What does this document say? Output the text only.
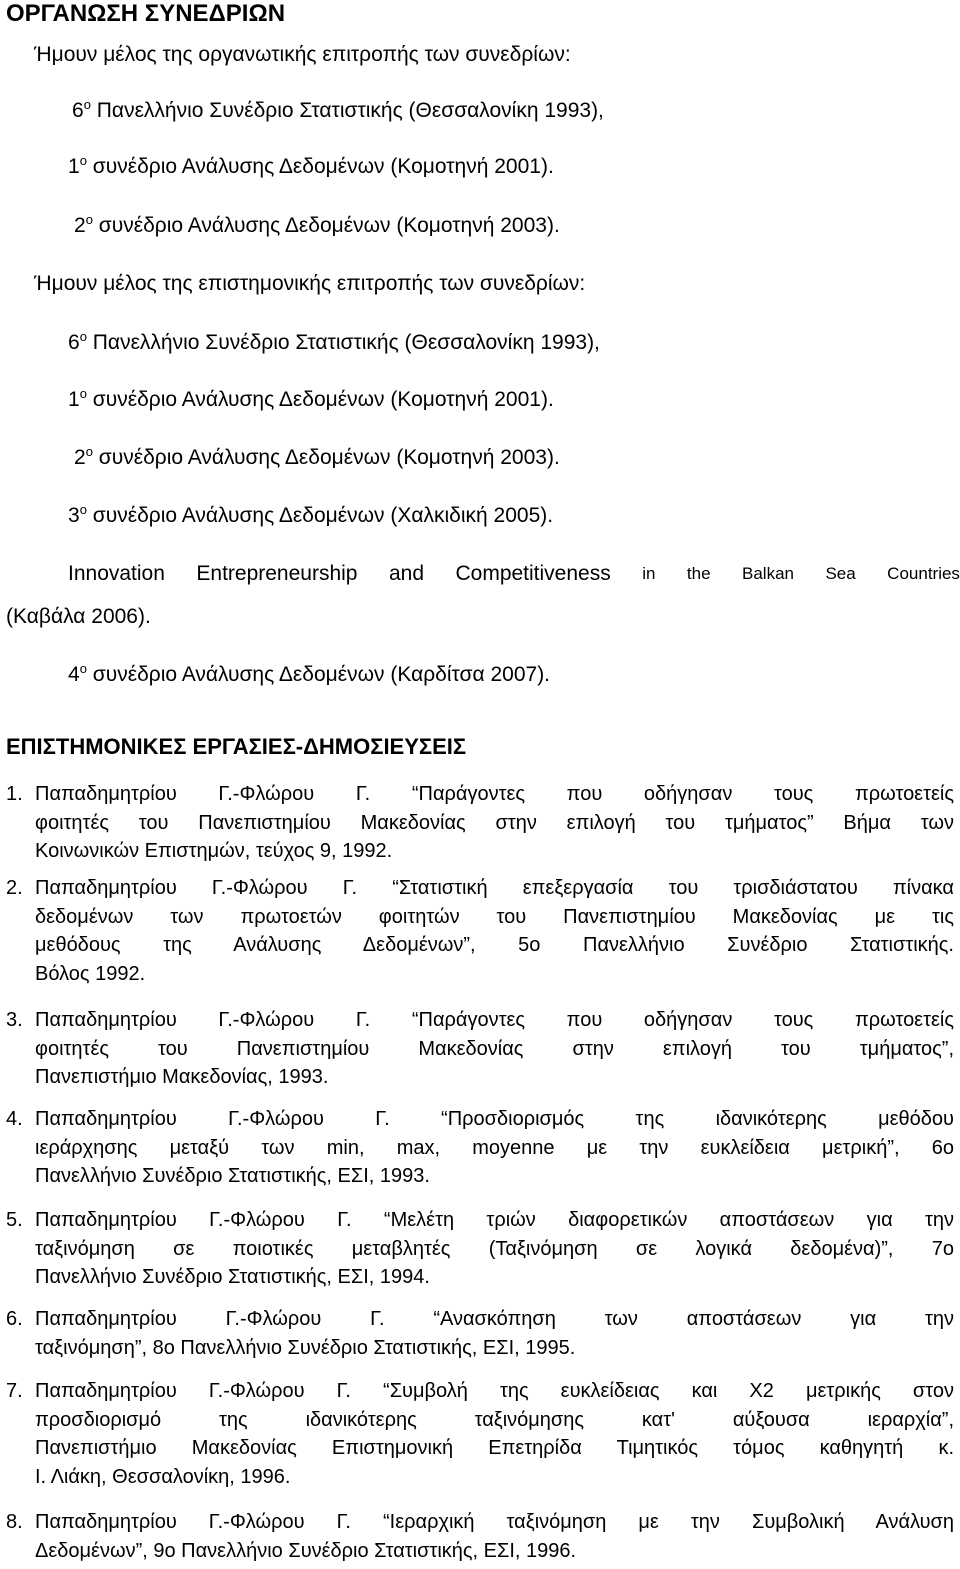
ΟΡΓΑΝΩΣΗ ΣΥΝΕΔΡΙΩΝ
Ήμουν μέλος της οργανωτικής επιτροπής των συνεδρίων:
$6^o$ Πανελλήνιο Συνέδριο Στατιστικής (Θεσσαλονίκη 1993),
$1^o$ συνέδριο Ανάλυσης Δεδομένων (Κομοτηνή 2001).
$2^o$ συνέδριο Ανάλυσης Δεδομένων (Κομοτηνή 2003).
Ήμουν μέλος της επιστημονικής επιτροπής των συνεδρίων:
$6^o$ Πανελλήνιο Συνέδριο Στατιστικής (Θεσσαλονίκη 1993),
$1^o$ συνέδριο Ανάλυσης Δεδομένων (Κομοτηνή 2001).
$2^o$ συνέδριο Ανάλυσης Δεδομένων (Κομοτηνή 2003).
$3^o$ συνέδριο Ανάλυσης Δεδομένων (Χαλκιδική 2005).
Innovation Entrepreneurship and Competitiveness in the Balkan Sea Countries
(Καβάλα 2006).
$4^o$ συνέδριο Ανάλυσης Δεδομένων (Καρδίτσα 2007).
ΕΠΙΣΤΗΜΟΝΙΚΕΣ ΕΡΓΑΣΙΕΣ-ΔΗΜΟΣΙΕΥΣΕΙΣ
1. Παπαδημητρίου Γ.-Φλώρου Γ. “Παράγοντες που οδήγησαν τους πρωτοετείς
φοιτητές του Πανεπιστημίου Μακεδονίας στην επιλογή του τμήματος” Βήμα των
Κοινωνικών Επιστημών, τεύχος 9, 1992.
2. Παπαδημητρίου Γ.-Φλώρου Γ. “Στατιστική επεξεργασία του τρισδιάστατου πίνακα
δεδομένων των πρωτοετών φοιτητών του Πανεπιστημίου Μακεδονίας με τις
μεθόδους της Ανάλυσης Δεδομένων”, 5ο Πανελλήνιο Συνέδριο Στατιστικής.
Βόλος 1992.
3. Παπαδημητρίου Γ.-Φλώρου Γ. “Παράγοντες που οδήγησαν τους πρωτοετείς
φοιτητές του Πανεπιστημίου Μακεδονίας στην επιλογή του τμήματος”,
Πανεπιστήμιο Μακεδονίας, 1993.
4. Παπαδημητρίου Γ.-Φλώρου Γ. “Προσδιορισμός της ιδανικότερης μεθόδου
ιεράρχησης μεταξύ των min, max, moyenne με την ευκλείδεια μετρική”, 6ο
Πανελλήνιο Συνέδριο Στατιστικής, ΕΣΙ, 1993.
5. Παπαδημητρίου Γ.-Φλώρου Γ. “Μελέτη τριών διαφορετικών αποστάσεων για την
ταξινόμηση σε ποιοτικές μεταβλητές (Ταξινόμηση σε λογικά δεδομένα)”, 7ο
Πανελλήνιο Συνέδριο Στατιστικής, ΕΣΙ, 1994.
6. Παπαδημητρίου Γ.-Φλώρου Γ. “Ανασκόπηση των αποστάσεων για την
ταξινόμηση”, 8ο Πανελλήνιο Συνέδριο Στατιστικής, ΕΣΙ, 1995.
7. Παπαδημητρίου Γ.-Φλώρου Γ. “Συμβολή της ευκλείδειας και Χ2 μετρικής στον
προσδιορισμό της ιδανικότερης ταξινόμησης κατ' αύξουσα ιεραρχία”,
Πανεπιστήμιο Μακεδονίας Επιστημονική Επετηρίδα Τιμητικός τόμος καθηγητή κ.
Ι. Λιάκη, Θεσσαλονίκη, 1996.
8. Παπαδημητρίου Γ.-Φλώρου Γ. “Ιεραρχική ταξινόμηση με την Συμβολική Ανάλυση
Δεδομένων”, 9ο Πανελλήνιο Συνέδριο Στατιστικής, ΕΣΙ, 1996.
